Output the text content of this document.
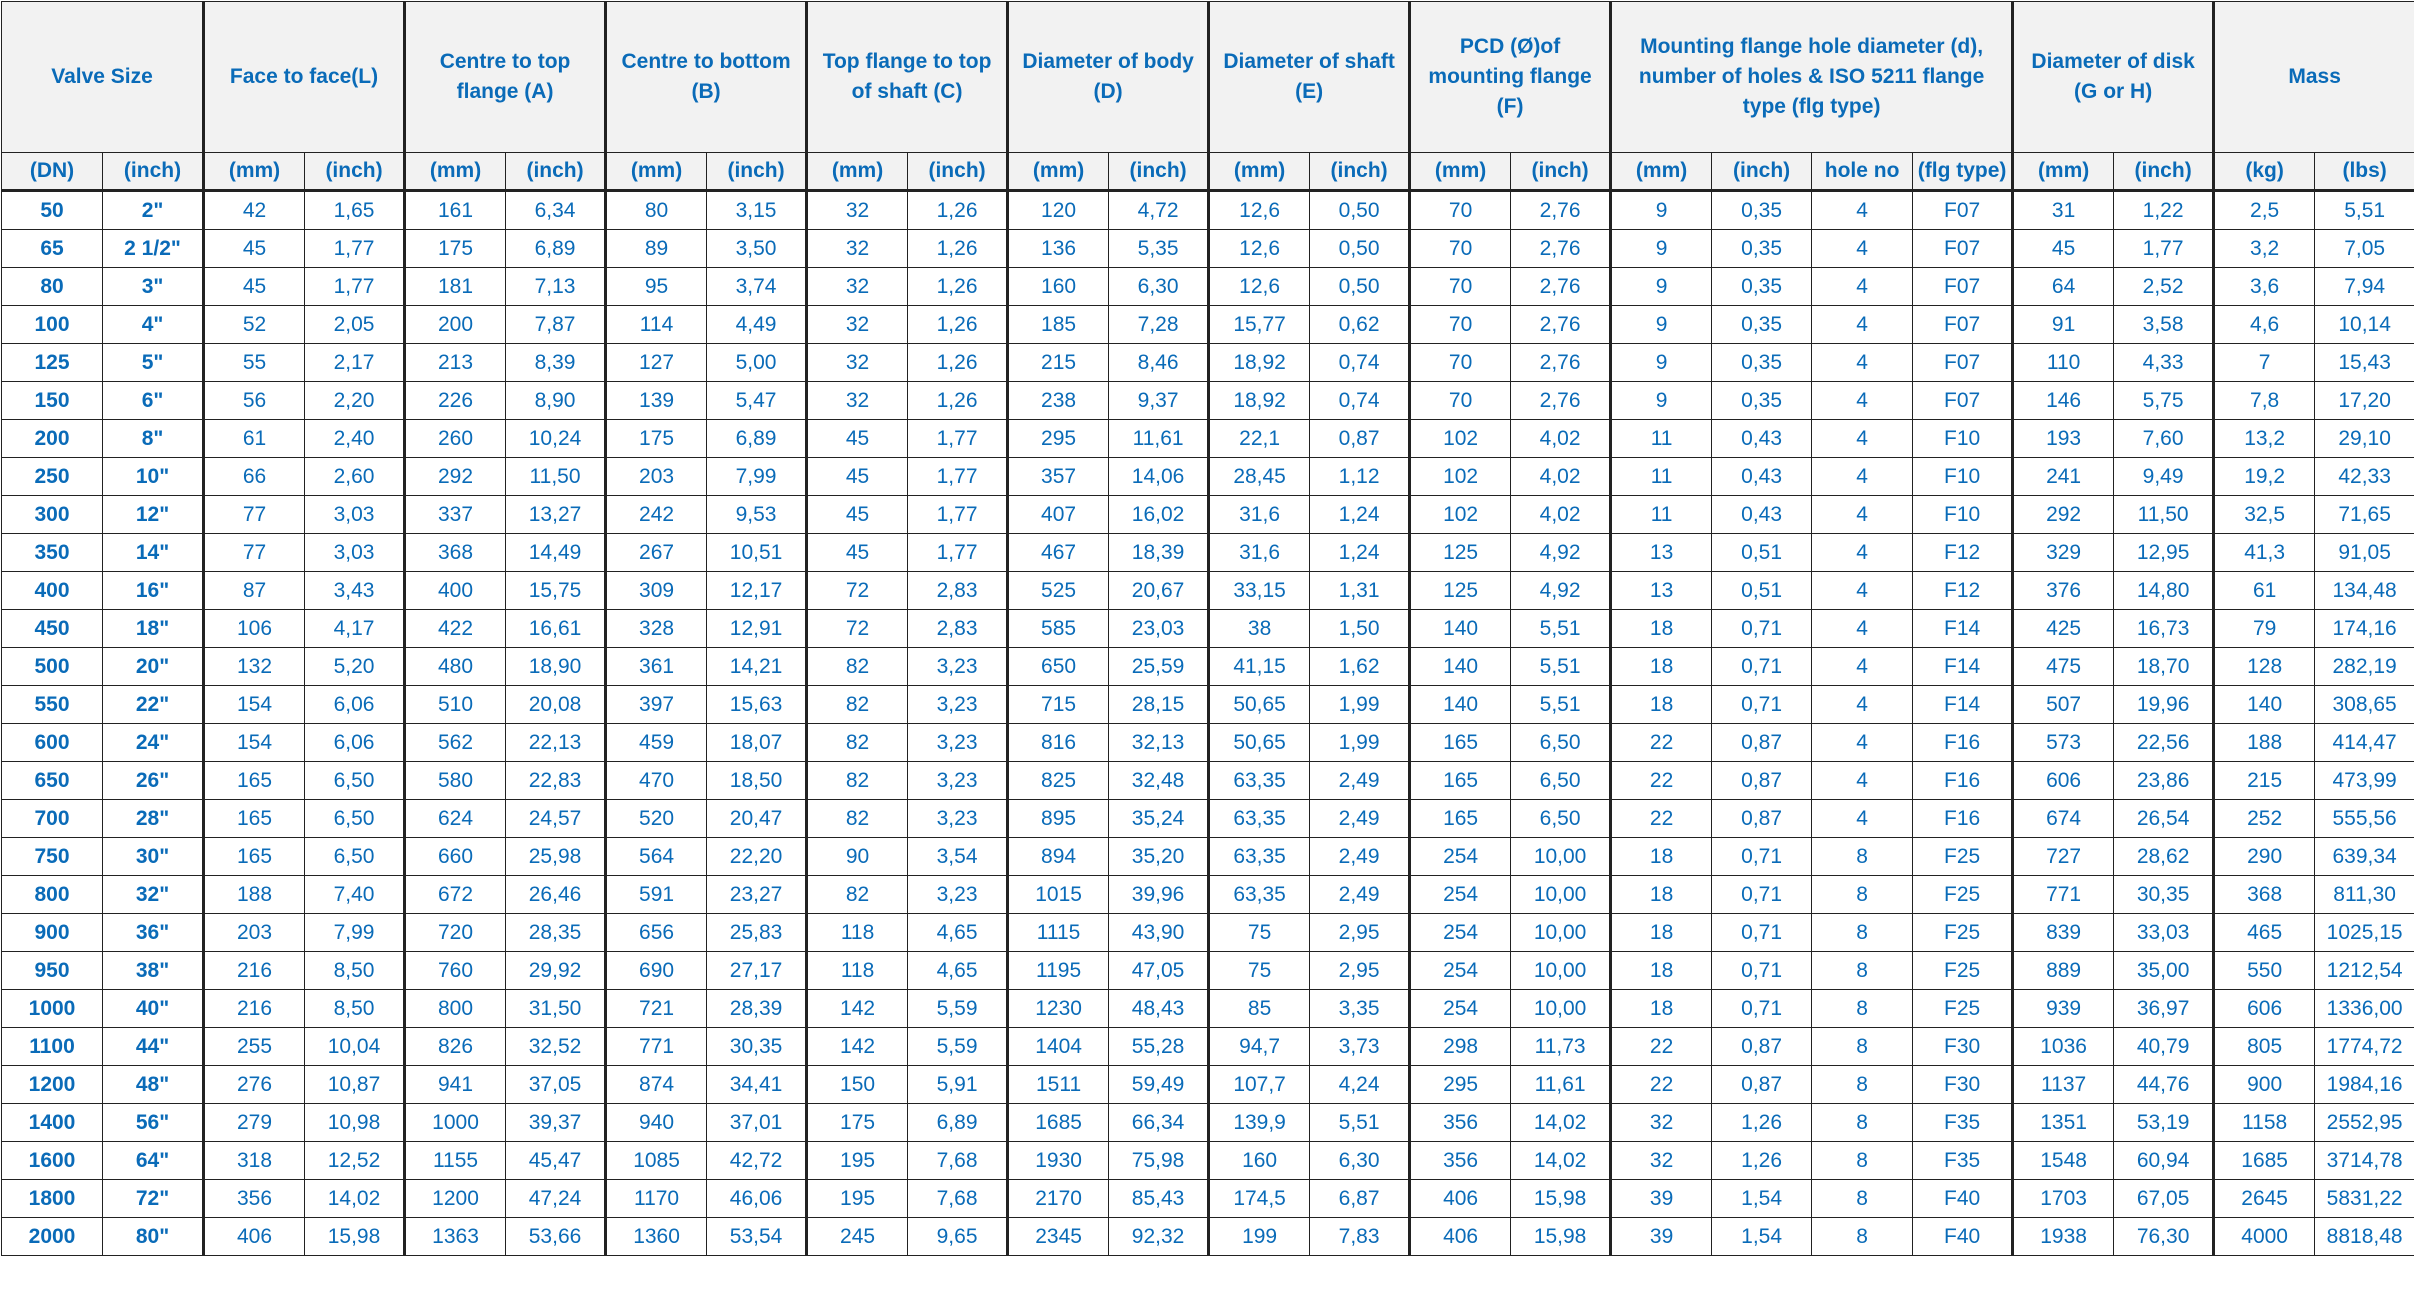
Valve Size		Face to face(L)		Centre to top flange (A)		Centre to bottom (B)		Top flange to top of shaft (C)		Diameter of body (D)		Diameter of shaft (E)		PCD (Ø)of mounting flange (F)		Mounting flange hole diameter (d), number of holes & ISO 5211 flange type (flg type)				Diameter of disk (G or H)		Mass	
(DN)	(inch)	(mm)	(inch)	(mm)	(inch)	(mm)	(inch)	(mm)	(inch)	(mm)	(inch)	(mm)	(inch)	(mm)	(inch)	(mm)	(inch)	hole no	(flg type)	(mm)	(inch)	(kg)	(lbs)
50	2"	42	1,65	161	6,34	80	3,15	32	1,26	120	4,72	12,6	0,50	70	2,76	9	0,35	4	F07	31	1,22	2,5	5,51
65	2 1/2"	45	1,77	175	6,89	89	3,50	32	1,26	136	5,35	12,6	0,50	70	2,76	9	0,35	4	F07	45	1,77	3,2	7,05
80	3"	45	1,77	181	7,13	95	3,74	32	1,26	160	6,30	12,6	0,50	70	2,76	9	0,35	4	F07	64	2,52	3,6	7,94
100	4"	52	2,05	200	7,87	114	4,49	32	1,26	185	7,28	15,77	0,62	70	2,76	9	0,35	4	F07	91	3,58	4,6	10,14
125	5"	55	2,17	213	8,39	127	5,00	32	1,26	215	8,46	18,92	0,74	70	2,76	9	0,35	4	F07	110	4,33	7	15,43
150	6"	56	2,20	226	8,90	139	5,47	32	1,26	238	9,37	18,92	0,74	70	2,76	9	0,35	4	F07	146	5,75	7,8	17,20
200	8"	61	2,40	260	10,24	175	6,89	45	1,77	295	11,61	22,1	0,87	102	4,02	11	0,43	4	F10	193	7,60	13,2	29,10
250	10"	66	2,60	292	11,50	203	7,99	45	1,77	357	14,06	28,45	1,12	102	4,02	11	0,43	4	F10	241	9,49	19,2	42,33
300	12"	77	3,03	337	13,27	242	9,53	45	1,77	407	16,02	31,6	1,24	102	4,02	11	0,43	4	F10	292	11,50	32,5	71,65
350	14"	77	3,03	368	14,49	267	10,51	45	1,77	467	18,39	31,6	1,24	125	4,92	13	0,51	4	F12	329	12,95	41,3	91,05
400	16"	87	3,43	400	15,75	309	12,17	72	2,83	525	20,67	33,15	1,31	125	4,92	13	0,51	4	F12	376	14,80	61	134,48
450	18"	106	4,17	422	16,61	328	12,91	72	2,83	585	23,03	38	1,50	140	5,51	18	0,71	4	F14	425	16,73	79	174,16
500	20"	132	5,20	480	18,90	361	14,21	82	3,23	650	25,59	41,15	1,62	140	5,51	18	0,71	4	F14	475	18,70	128	282,19
550	22"	154	6,06	510	20,08	397	15,63	82	3,23	715	28,15	50,65	1,99	140	5,51	18	0,71	4	F14	507	19,96	140	308,65
600	24"	154	6,06	562	22,13	459	18,07	82	3,23	816	32,13	50,65	1,99	165	6,50	22	0,87	4	F16	573	22,56	188	414,47
650	26"	165	6,50	580	22,83	470	18,50	82	3,23	825	32,48	63,35	2,49	165	6,50	22	0,87	4	F16	606	23,86	215	473,99
700	28"	165	6,50	624	24,57	520	20,47	82	3,23	895	35,24	63,35	2,49	165	6,50	22	0,87	4	F16	674	26,54	252	555,56
750	30"	165	6,50	660	25,98	564	22,20	90	3,54	894	35,20	63,35	2,49	254	10,00	18	0,71	8	F25	727	28,62	290	639,34
800	32"	188	7,40	672	26,46	591	23,27	82	3,23	1015	39,96	63,35	2,49	254	10,00	18	0,71	8	F25	771	30,35	368	811,30
900	36"	203	7,99	720	28,35	656	25,83	118	4,65	1115	43,90	75	2,95	254	10,00	18	0,71	8	F25	839	33,03	465	1025,15
950	38"	216	8,50	760	29,92	690	27,17	118	4,65	1195	47,05	75	2,95	254	10,00	18	0,71	8	F25	889	35,00	550	1212,54
1000	40"	216	8,50	800	31,50	721	28,39	142	5,59	1230	48,43	85	3,35	254	10,00	18	0,71	8	F25	939	36,97	606	1336,00
1100	44"	255	10,04	826	32,52	771	30,35	142	5,59	1404	55,28	94,7	3,73	298	11,73	22	0,87	8	F30	1036	40,79	805	1774,72
1200	48"	276	10,87	941	37,05	874	34,41	150	5,91	1511	59,49	107,7	4,24	295	11,61	22	0,87	8	F30	1137	44,76	900	1984,16
1400	56"	279	10,98	1000	39,37	940	37,01	175	6,89	1685	66,34	139,9	5,51	356	14,02	32	1,26	8	F35	1351	53,19	1158	2552,95
1600	64"	318	12,52	1155	45,47	1085	42,72	195	7,68	1930	75,98	160	6,30	356	14,02	32	1,26	8	F35	1548	60,94	1685	3714,78
1800	72"	356	14,02	1200	47,24	1170	46,06	195	7,68	2170	85,43	174,5	6,87	406	15,98	39	1,54	8	F40	1703	67,05	2645	5831,22
2000	80"	406	15,98	1363	53,66	1360	53,54	245	9,65	2345	92,32	199	7,83	406	15,98	39	1,54	8	F40	1938	76,30	4000	8818,48
